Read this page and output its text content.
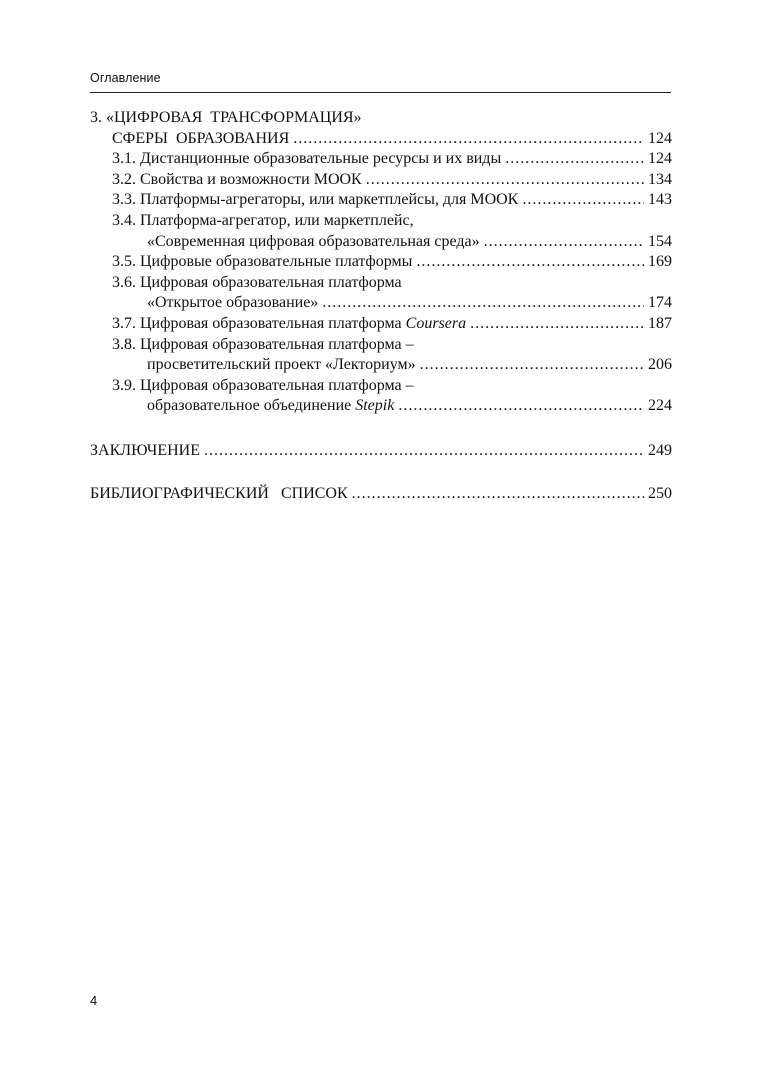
Оглавление
3. «ЦИФРОВАЯ  ТРАНСФОРМАЦИЯ»
СФЕРЫ  ОБРАЗОВАНИЯ .....	124
3.1. Дистанционные образовательные ресурсы и их виды .....	124
3.2. Свойства и возможности МООК .....	134
3.3. Платформы-агрегаторы, или маркетплейсы, для МООК .....	143
3.4. Платформа-агрегатор, или маркетплейс,
«Современная цифровая образовательная среда» .....	154
3.5. Цифровые образовательные платформы .....	169
3.6. Цифровая образовательная платформа
«Открытое образование» .....	174
3.7. Цифровая образовательная платформа Coursera .....	187
3.8. Цифровая образовательная платформа –
просветительский проект «Лекториум» .....	206
3.9. Цифровая образовательная платформа –
образовательное объединение Stepik .....	224
ЗАКЛЮЧЕНИЕ .....	249
БИБЛИОГРАФИЧЕСКИЙ   СПИСОК .....	250
4
